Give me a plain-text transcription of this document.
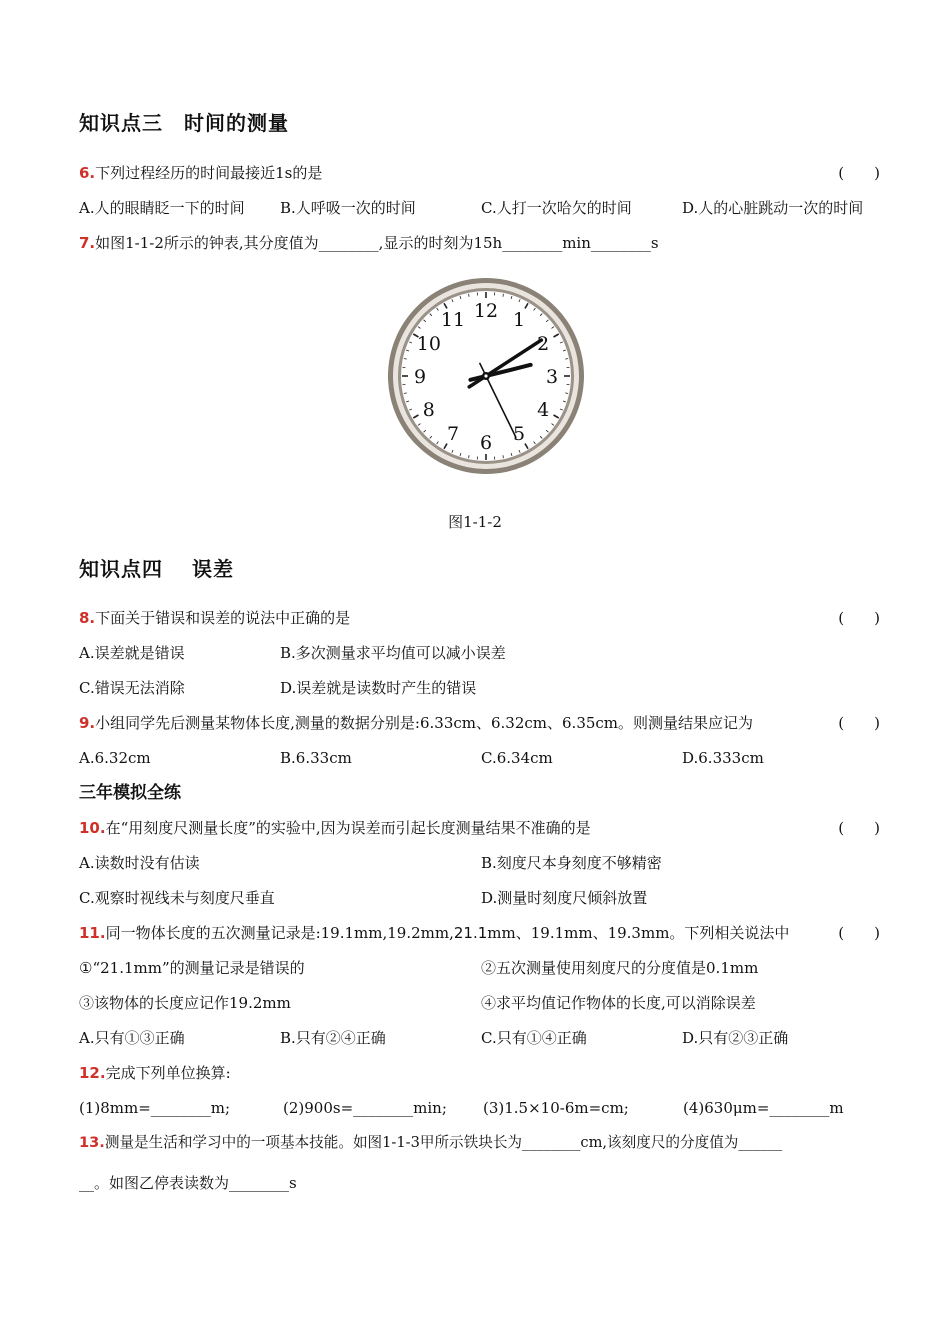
知识点三　时间的测量
6.下列过程经历的时间最接近1s的是	(　　)
A.人的眼睛眨一下的时间 B.人呼吸一次的时间	C.人打一次哈欠的时间	D.人的心脏跳动一次的时间
7.如图1-1-2所示的钟表,其分度值为________,显示的时刻为15h________min________s
12 1
2
3
4
5
6
7
8
9
10
11
图1-1-2
知识点四　 误差
8.下面关于错误和误差的说法中正确的是	(　　)
A.误差就是错误	B.多次测量求平均值可以减小误差
C.错误无法消除	D.误差就是读数时产生的错误
9.小组同学先后测量某物体长度,测量的数据分别是:6.33cm、6.32cm、6.35cm。则测量结果应记为	(　　)
A.6.32cm	B.6.33cm	C.6.34cm	D.6.333cm
三年模拟全练
10.在“用刻度尺测量长度”的实验中,因为误差而引起长度测量结果不准确的是	(　　)
A.读数时没有估读	B.刻度尺本身刻度不够精密
C.观察时视线未与刻度尺垂直	D.测量时刻度尺倾斜放置
11.同一物体长度的五次测量记录是:19.1mm,19.2mm,21.1mm、19.1mm、19.3mm。下列相关说法中	(　　)
①“21.1mm”的测量记录是错误的	②五次测量使用刻度尺的分度值是0.1mm
③该物体的长度应记作19.2mm	④求平均值记作物体的长度,可以消除误差
A.只有①③正确	B.只有②④正确	C.只有①④正确	D.只有②③正确
12.完成下列单位换算:
(1)8mm=________m;	(2)900s=________min; (3)1.5×10-6m=cm;	(4)630μm=________m
13.测量是生活和学习中的一项基本技能。如图1-1-3甲所示铁块长为________cm,该刻度尺的分度值为______
__。如图乙停表读数为________s
